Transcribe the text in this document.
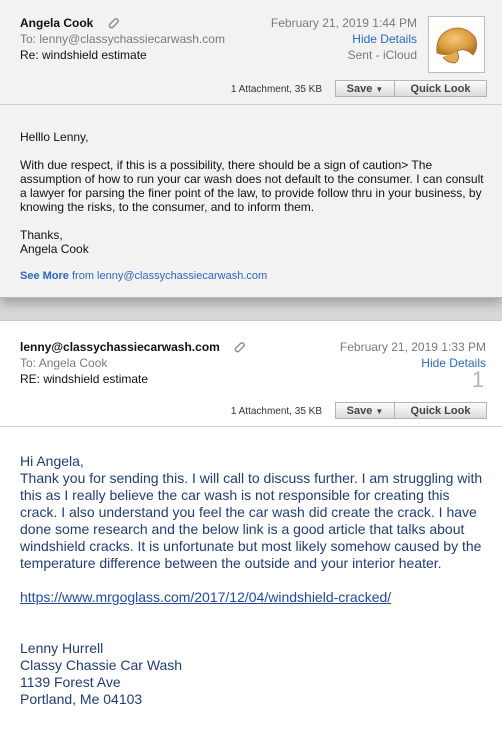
Angela Cook
To: lenny@classychassiecarwash.com
Re: windshield estimate
February 21, 2019 1:44 PM
Hide Details
Sent - iCloud
1 Attachment, 35 KB	Save ▼	Quick Look

Helllo Lenny,

With due respect, if this is a possibility, there should be a sign of caution> The assumption of how to run your car wash does not default to the consumer. I can consult a lawyer for parsing the finer point of the law, to provide follow thru in your business, by knowing the risks, to the consumer, and to inform them.

Thanks,

Angela Cook

See More from lenny@classychassiecarwash.com
lenny@classychassiecarwash.com
To: Angela Cook
RE: windshield estimate
February 21, 2019 1:33 PM
Hide Details
1
1 Attachment, 35 KB	Save ▼	Quick Look

Hi Angela,

Thank you for sending this. I will call to discuss further. I am struggling with this as I really believe the car wash is not responsible for creating this crack. I also understand you feel the car wash did create the crack. I have done some research and the below link is a good article that talks about windshield cracks. It is unfortunate but most likely somehow caused by the temperature difference between the outside and your interior heater.

https://www.mrgoglass.com/2017/12/04/windshield-cracked/

Lenny Hurrell

Classy Chassie Car Wash

1139 Forest Ave

Portland, Me 04103
